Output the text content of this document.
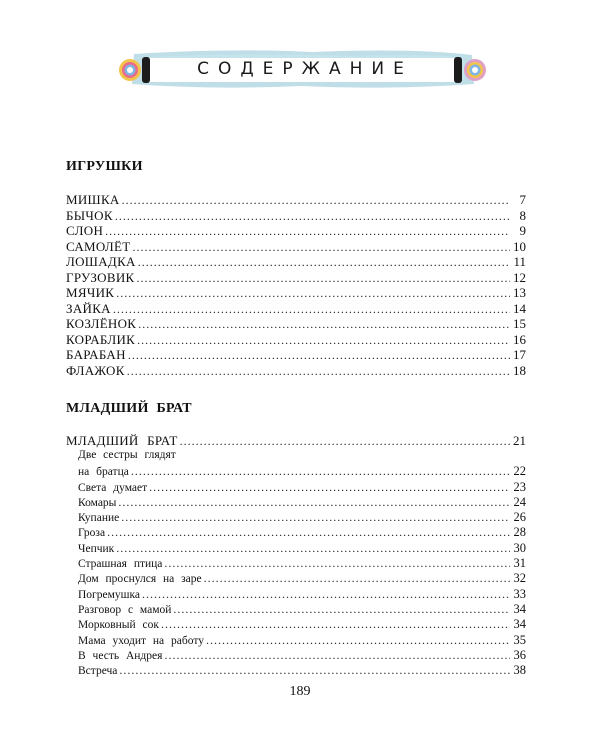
СОДЕРЖАНИЕ
ИГРУШКИ
МИШКА .....	7
БЫЧОК .....	8
СЛОН .....	9
САМОЛЁТ .....	10
ЛОШАДКА .....	11
ГРУЗОВИК .....	12
МЯЧИК .....	13
ЗАЙКА .....	14
КОЗЛЁНОК .....	15
КОРАБЛИК .....	16
БАРАБАН .....	17
ФЛАЖОК .....	18
МЛАДШИЙ БРАТ
МЛАДШИЙ БРАТ .....	21
Две сестры глядят
на братца .....	22
Света думает .....	23
Комары .....	24
Купание .....	26
Гроза .....	28
Чепчик .....	30
Страшная птица .....	31
Дом проснулся на заре .....	32
Погремушка .....	33
Разговор с мамой .....	34
Морковный сок .....	34
Мама уходит на работу .....	35
В честь Андрея .....	36
Встреча .....	38
189
